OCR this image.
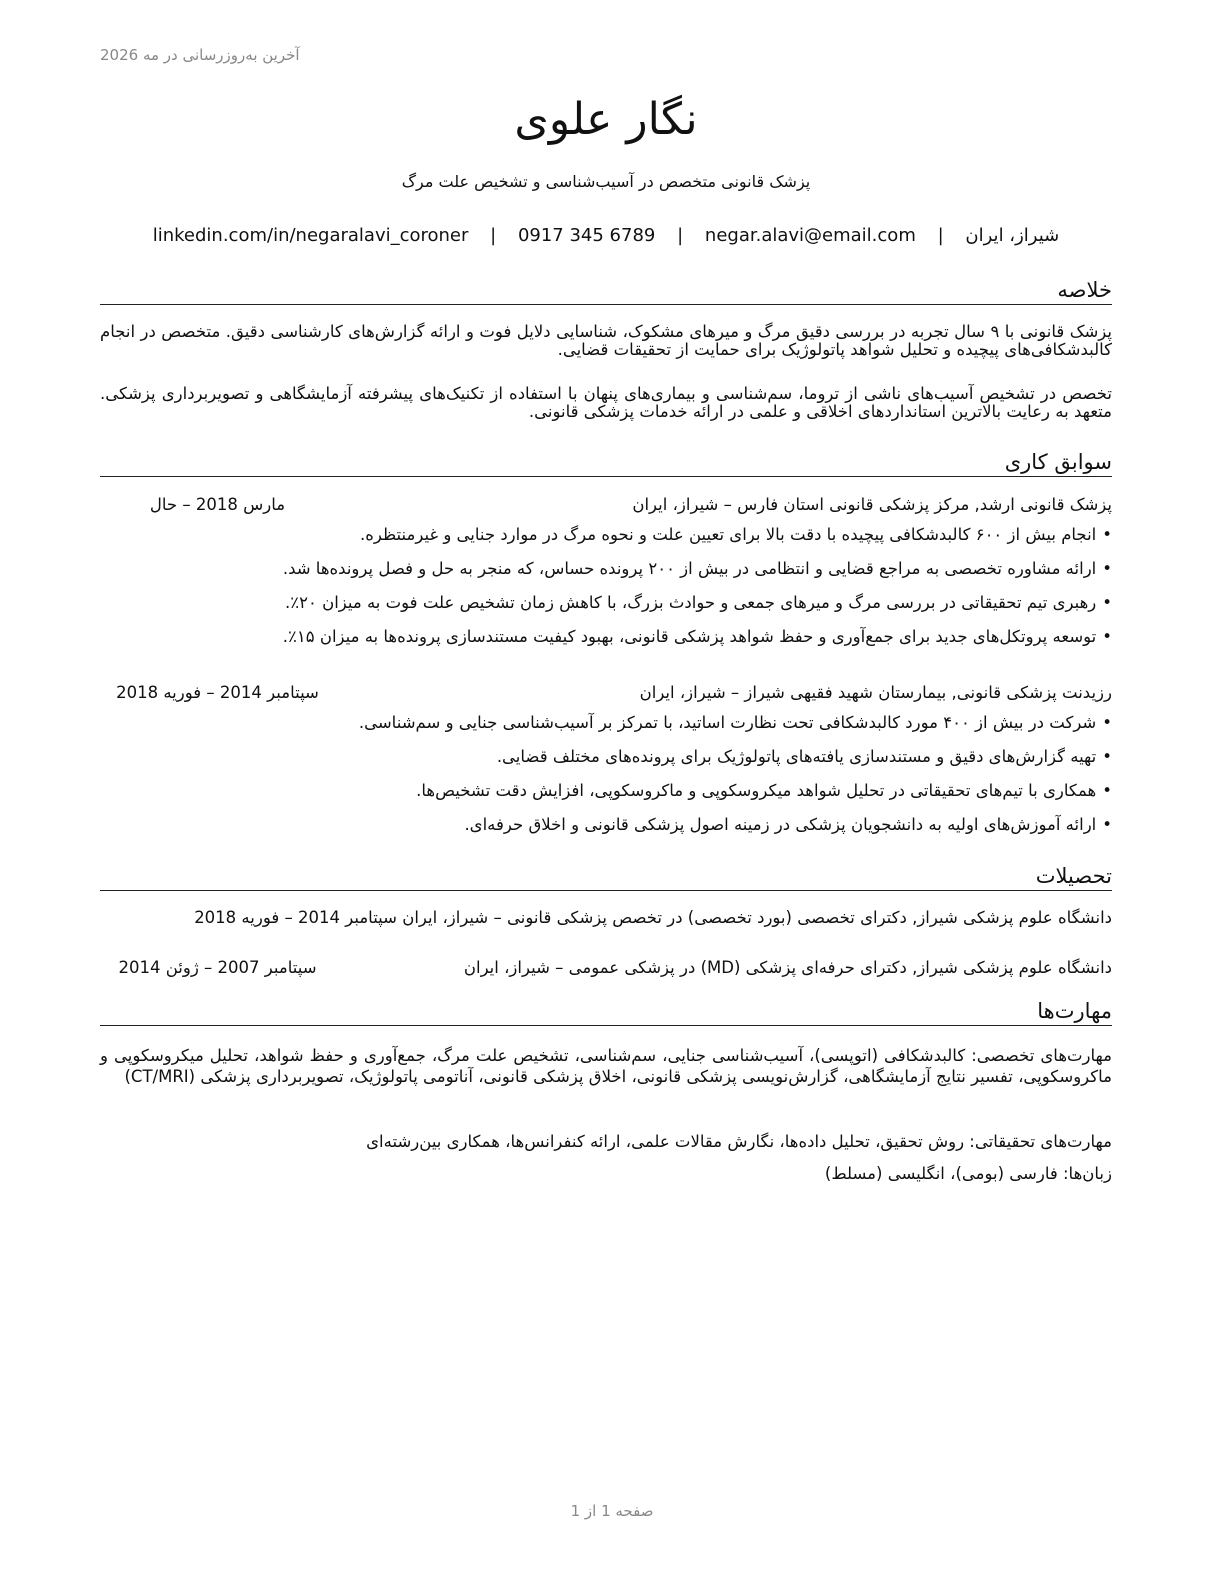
آخرین به‌روزرسانی در مه 2026
نگار علوی
پزشک قانونی متخصص در آسیب‌شناسی و تشخیص علت مرگ
شیراز، ایران | negar.alavi@email.com | 0917 345 6789 | linkedin.com/in/negaralavi_coroner
خلاصه
پزشک قانونی با ۹ سال تجربه در بررسی دقیق مرگ و میرهای مشکوک، شناسایی دلایل فوت و ارائه گزارش‌های کارشناسی دقیق. متخصص در انجام کالبدشکافی‌های پیچیده و تحلیل شواهد پاتولوژیک برای حمایت از تحقیقات قضایی.
تخصص در تشخیص آسیب‌های ناشی از تروما، سم‌شناسی و بیماری‌های پنهان با استفاده از تکنیک‌های پیشرفته آزمایشگاهی و تصویربرداری پزشکی. متعهد به رعایت بالاترین استانداردهای اخلاقی و علمی در ارائه خدمات پزشکی قانونی.
سوابق کاری
پزشک قانونی ارشد, مرکز پزشکی قانونی استان فارس – شیراز، ایران
مارس 2018 – حال
•انجام بیش از ۶۰۰ کالبدشکافی پیچیده با دقت بالا برای تعیین علت و نحوه مرگ در موارد جنایی و غیرمنتظره.
•ارائه مشاوره تخصصی به مراجع قضایی و انتظامی در بیش از ۲۰۰ پرونده حساس، که منجر به حل و فصل پرونده‌ها شد.
•رهبری تیم تحقیقاتی در بررسی مرگ و میرهای جمعی و حوادث بزرگ، با کاهش زمان تشخیص علت فوت به میزان ۲۰٪.
•توسعه پروتکل‌های جدید برای جمع‌آوری و حفظ شواهد پزشکی قانونی، بهبود کیفیت مستندسازی پرونده‌ها به میزان ۱۵٪.
رزیدنت پزشکی قانونی, بیمارستان شهید فقیهی شیراز – شیراز، ایران
سپتامبر 2014 – فوریه 2018
•شرکت در بیش از ۴۰۰ مورد کالبدشکافی تحت نظارت اساتید، با تمرکز بر آسیب‌شناسی جنایی و سم‌شناسی.
•تهیه گزارش‌های دقیق و مستندسازی یافته‌های پاتولوژیک برای پرونده‌های مختلف قضایی.
•همکاری با تیم‌های تحقیقاتی در تحلیل شواهد میکروسکوپی و ماکروسکوپی، افزایش دقت تشخیص‌ها.
•ارائه آموزش‌های اولیه به دانشجویان پزشکی در زمینه اصول پزشکی قانونی و اخلاق حرفه‌ای.
تحصیلات
دانشگاه علوم پزشکی شیراز, دکترای تخصصی (بورد تخصصی) در تخصص پزشکی قانونی – شیراز، ایران سپتامبر 2014 – فوریه 2018
دانشگاه علوم پزشکی شیراز, دکترای حرفه‌ای پزشکی (MD) در پزشکی عمومی – شیراز، ایران
سپتامبر 2007 – ژوئن 2014
مهارت‌ها
مهارت‌های تخصصی: کالبدشکافی (اتوپسی)، آسیب‌شناسی جنایی، سم‌شناسی، تشخیص علت مرگ، جمع‌آوری و حفظ شواهد، تحلیل میکروسکوپی و ماکروسکوپی، تفسیر نتایج آزمایشگاهی، گزارش‌نویسی پزشکی قانونی، اخلاق پزشکی قانونی، آناتومی پاتولوژیک، تصویربرداری پزشکی (CT/MRI)
مهارت‌های تحقیقاتی: روش تحقیق، تحلیل داده‌ها، نگارش مقالات علمی، ارائه کنفرانس‌ها، همکاری بین‌رشته‌ای
زبان‌ها: فارسی (بومی)، انگلیسی (مسلط)
صفحه 1 از 1
